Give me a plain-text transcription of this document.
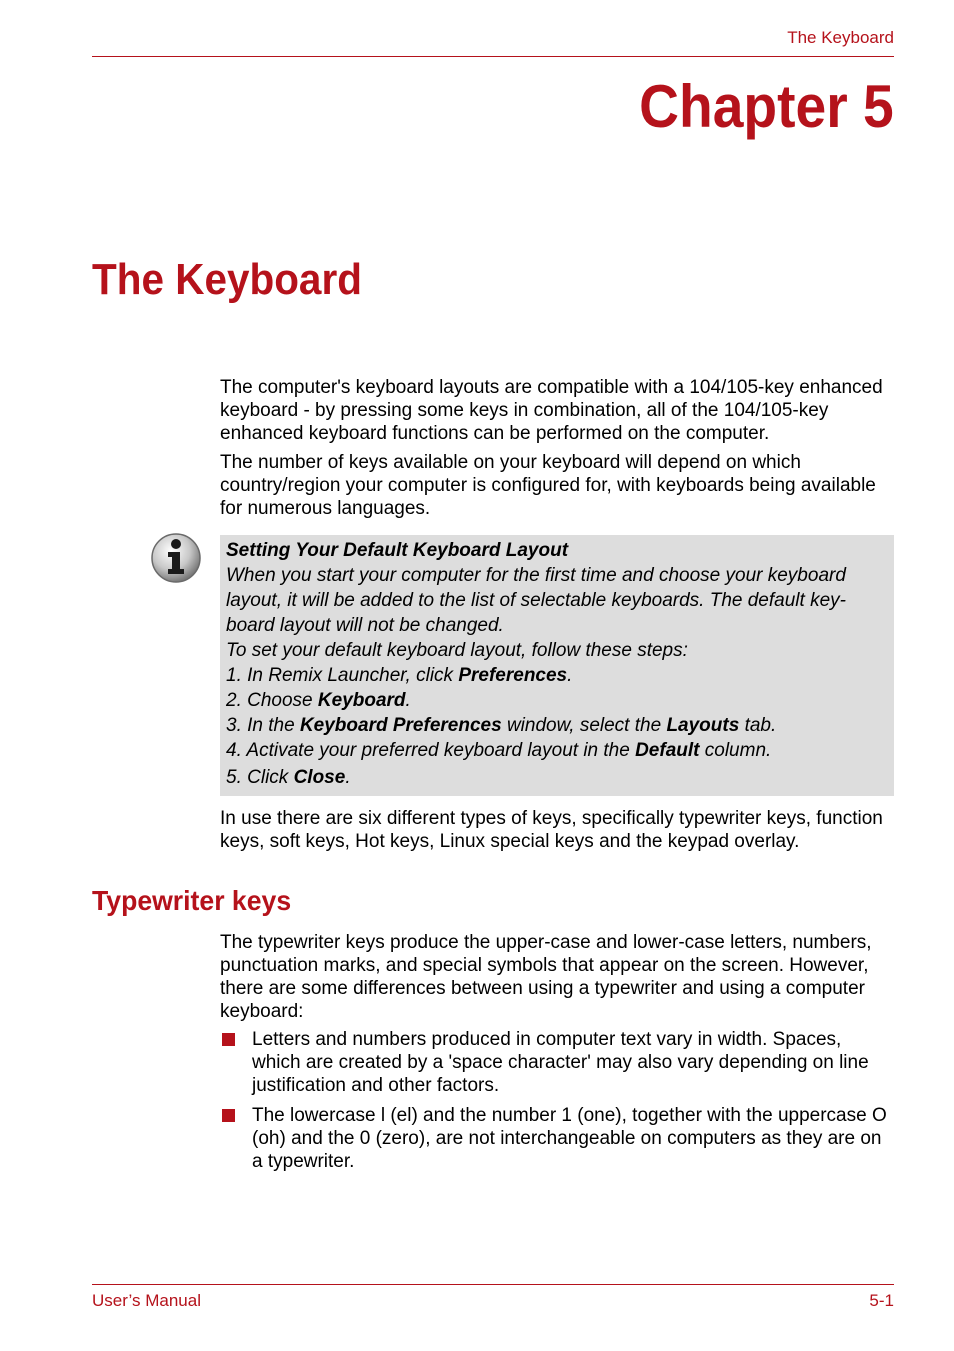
The Keyboard
Chapter 5
The Keyboard

The computer's keyboard layouts are compatible with a 104/105-key enhanced keyboard - by pressing some keys in combination, all of the 104/105-key enhanced keyboard functions can be performed on the computer.

The number of keys available on your keyboard will depend on which country/region your computer is configured for, with keyboards being available for numerous languages.

Setting Your Default Keyboard Layout
When you start your computer for the first time and choose your keyboard
layout, it will be added to the list of selectable keyboards. The default key-
board layout will not be changed.
To set your default keyboard layout, follow these steps:
1. In Remix Launcher, click Preferences.
2. Choose Keyboard.
3. In the Keyboard Preferences window, select the Layouts tab.
4. Activate your preferred keyboard layout in the Default column.
5. Click Close.

In use there are six different types of keys, specifically typewriter keys, function keys, soft keys, Hot keys, Linux special keys and the keypad overlay.

Typewriter keys

The typewriter keys produce the upper-case and lower-case letters, numbers, punctuation marks, and special symbols that appear on the screen. However, there are some differences between using a typewriter and using a computer keyboard:

Letters and numbers produced in computer text vary in width. Spaces, which are created by a 'space character' may also vary depending on line justification and other factors.
The lowercase l (el) and the number 1 (one), together with the uppercase O (oh) and the 0 (zero), are not interchangeable on computers as they are on a typewriter.
User’s Manual	5-1
